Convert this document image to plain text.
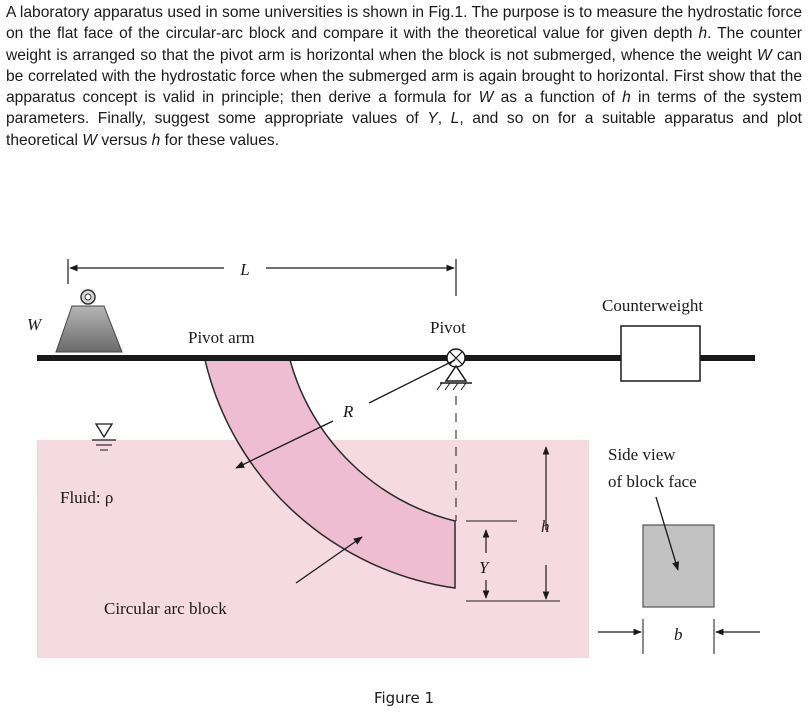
A laboratory apparatus used in some universities is shown in Fig.1. The purpose is to measure the hydrostatic force on the flat face of the circular-arc block and compare it with the theoretical value for given depth h. The counter weight is arranged so that the pivot arm is horizontal when the block is not submerged, whence the weight W can be correlated with the hydrostatic force when the submerged arm is again brought to horizontal. First show that the apparatus concept is valid in principle; then derive a formula for W as a function of h in terms of the system parameters. Finally, suggest some appropriate values of Y, L, and so on for a suitable apparatus and plot theoretical W versus h for these values.

L
W
Pivot arm
Pivot
R
Counterweight
Fluid: ρ
h
Y
Circular arc block
Side view
of block face
b
Figure 1
